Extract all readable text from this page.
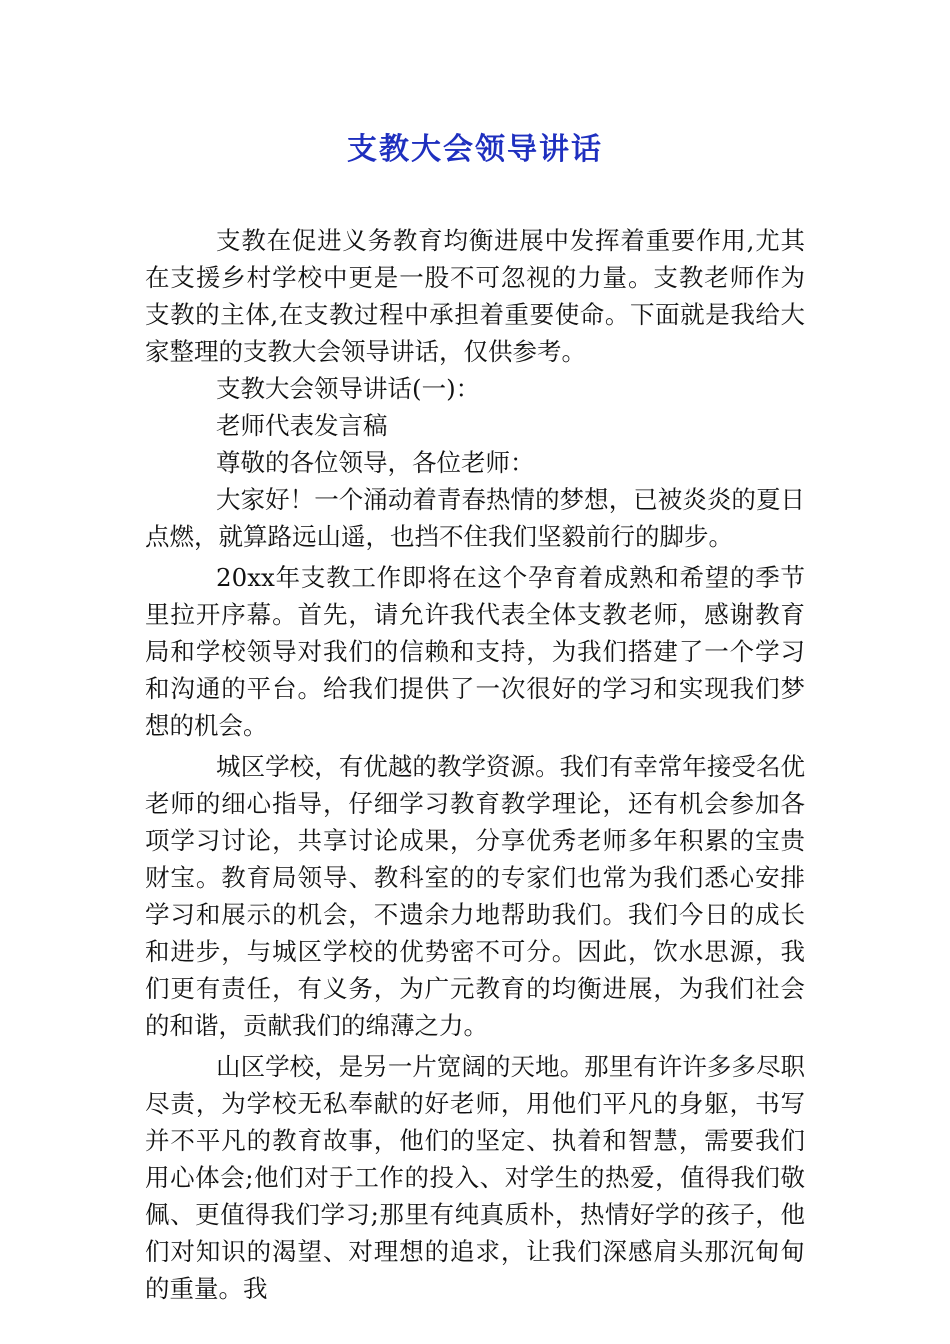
支教大会领导讲话

支教在促进义务教育均衡进展中发挥着重要作用,尤其在支援乡村学校中更是一股不可忽视的力量。支教老师作为支教的主体,在支教过程中承担着重要使命。下面就是我给大家整理的支教大会领导讲话，仅供参考。

支教大会领导讲话(一)：

老师代表发言稿

尊敬的各位领导，各位老师：

大家好！一个涌动着青春热情的梦想，已被炎炎的夏日点燃，就算路远山遥，也挡不住我们坚毅前行的脚步。

20xx年支教工作即将在这个孕育着成熟和希望的季节里拉开序幕。首先，请允许我代表全体支教老师，感谢教育局和学校领导对我们的信赖和支持，为我们搭建了一个学习和沟通的平台。给我们提供了一次很好的学习和实现我们梦想的机会。

城区学校，有优越的教学资源。我们有幸常年接受名优老师的细心指导，仔细学习教育教学理论，还有机会参加各项学习讨论，共享讨论成果，分享优秀老师多年积累的宝贵财宝。教育局领导、教科室的的专家们也常为我们悉心安排学习和展示的机会，不遗余力地帮助我们。我们今日的成长和进步，与城区学校的优势密不可分。因此，饮水思源，我们更有责任，有义务，为广元教育的均衡进展，为我们社会的和谐，贡献我们的绵薄之力。

山区学校，是另一片宽阔的天地。那里有许许多多尽职尽责，为学校无私奉献的好老师，用他们平凡的身躯，书写并不平凡的教育故事，他们的坚定、执着和智慧，需要我们用心体会;他们对于工作的投入、对学生的热爱，值得我们敬佩、更值得我们学习;那里有纯真质朴，热情好学的孩子，他们对知识的渴望、对理想的追求，让我们深感肩头那沉甸甸的重量。我
